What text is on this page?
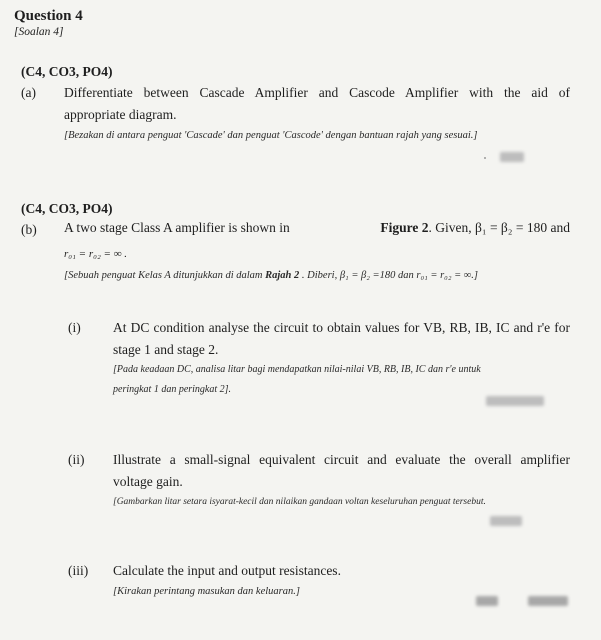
Question 4
[Soalan 4]
(C4, CO3, PO4)
(a) Differentiate between Cascade Amplifier and Cascode Amplifier with the aid of
appropriate diagram.
[Bezakan di antara penguat 'Cascade' dan penguat 'Cascode' dengan bantuan rajah yang sesuai.]
(C4, CO3, PO4)
(b) A two stage Class A amplifier is shown in	Figure 2. Given, β₁ = β₂ = 180 and
r₀₁ = r₀₂ = ∞ .
[Sebuah penguat Kelas A ditunjukkan di dalam Rajah 2 . Diberi, β₁ = β₂ =180 dan r₀₁ = r₀₂ = ∞.]
(i) At DC condition analyse the circuit to obtain values for VB, RB, IB, IC and r'e for
stage 1 and stage 2.
[Pada keadaan DC, analisa litar bagi mendapatkan nilai-nilai VB, RB, IB, IC dan r'e untuk
peringkat 1 dan peringkat 2].
(ii) Illustrate a small-signal equivalent circuit and evaluate the overall amplifier
voltage gain.
[Gambarkan litar setara isyarat-kecil dan nilaikan gandaan voltan keseluruhan penguat tersebut.
(iii) Calculate the input and output resistances.
[Kirakan perintang masukan dan keluaran.]
